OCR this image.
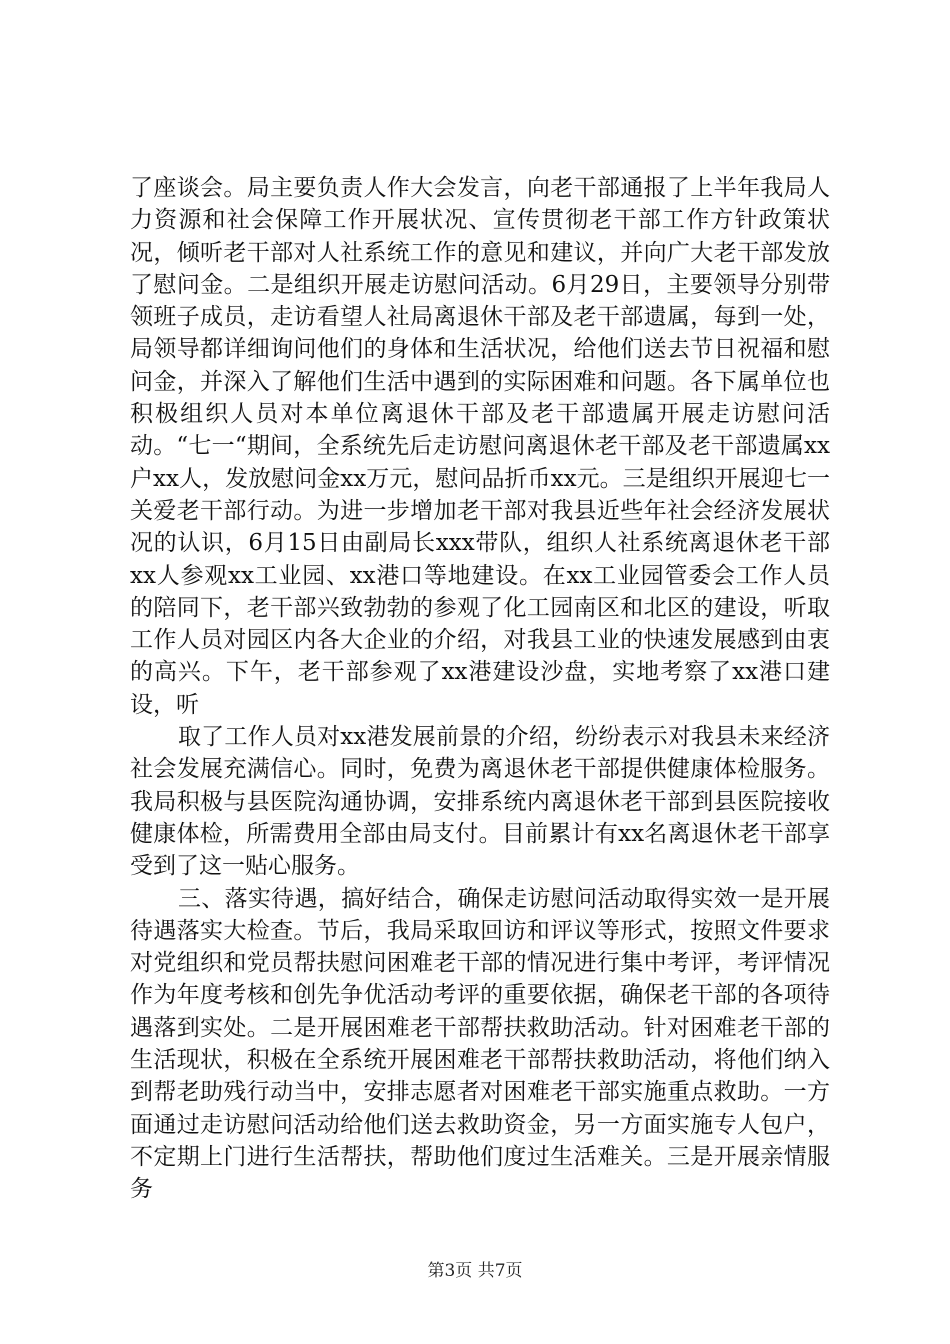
了座谈会。局主要负责人作大会发言，向老干部通报了上半年我局人力资源和社会保障工作开展状况、宣传贯彻老干部工作方针政策状况，倾听老干部对人社系统工作的意见和建议，并向广大老干部发放了慰问金。二是组织开展走访慰问活动。6月29日，主要领导分别带领班子成员，走访看望人社局离退休干部及老干部遗属，每到一处，局领导都详细询问他们的身体和生活状况，给他们送去节日祝福和慰问金，并深入了解他们生活中遇到的实际困难和问题。各下属单位也积极组织人员对本单位离退休干部及老干部遗属开展走访慰问活动。“七一“期间，全系统先后走访慰问离退休老干部及老干部遗属xx户xx人，发放慰问金xx万元，慰问品折币xx元。三是组织开展迎七一关爱老干部行动。为进一步增加老干部对我县近些年社会经济发展状况的认识，6月15日由副局长xxx带队，组织人社系统离退休老干部xx人参观xx工业园、xx港口等地建设。在xx工业园管委会工作人员的陪同下，老干部兴致勃勃的参观了化工园南区和北区的建设，听取工作人员对园区内各大企业的介绍，对我县工业的快速发展感到由衷的高兴。下午，老干部参观了xx港建设沙盘，实地考察了xx港口建设，听

取了工作人员对xx港发展前景的介绍，纷纷表示对我县未来经济社会发展充满信心。同时，免费为离退休老干部提供健康体检服务。我局积极与县医院沟通协调，安排系统内离退休老干部到县医院接收健康体检，所需费用全部由局支付。目前累计有xx名离退休老干部享受到了这一贴心服务。

三、落实待遇，搞好结合，确保走访慰问活动取得实效一是开展待遇落实大检查。节后，我局采取回访和评议等形式，按照文件要求对党组织和党员帮扶慰问困难老干部的情况进行集中考评，考评情况作为年度考核和创先争优活动考评的重要依据，确保老干部的各项待遇落到实处。二是开展困难老干部帮扶救助活动。针对困难老干部的生活现状，积极在全系统开展困难老干部帮扶救助活动，将他们纳入到帮老助残行动当中，安排志愿者对困难老干部实施重点救助。一方面通过走访慰问活动给他们送去救助资金，另一方面实施专人包户，不定期上门进行生活帮扶，帮助他们度过生活难关。三是开展亲情服务

第3页 共7页
